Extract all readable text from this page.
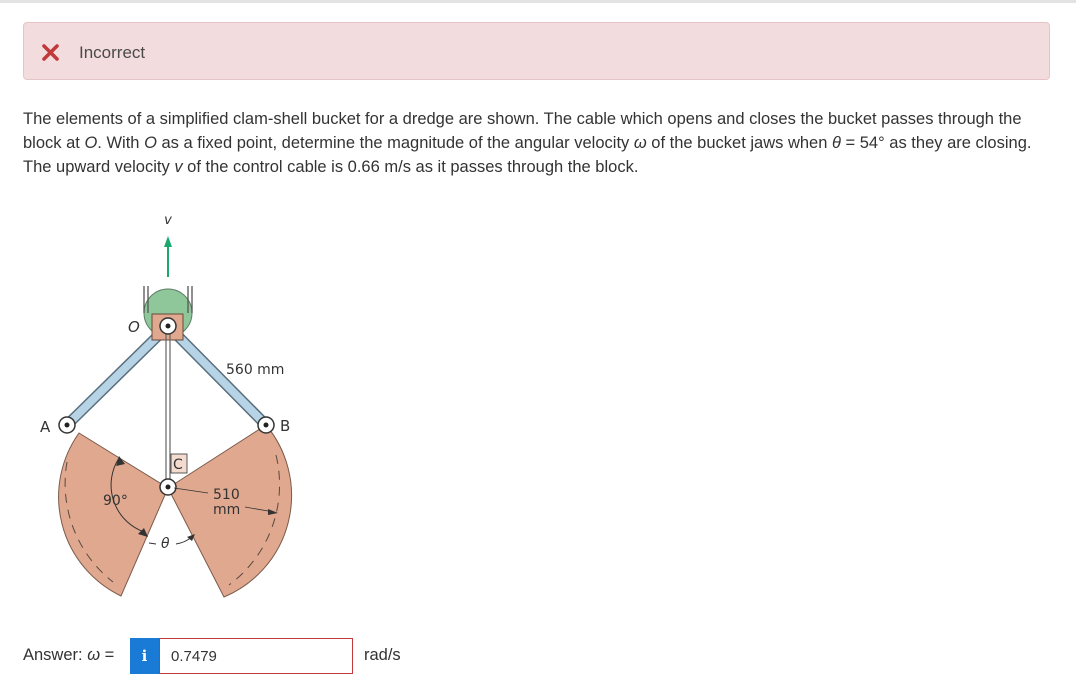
Incorrect

The elements of a simplified clam-shell bucket for a dredge are shown. The cable which opens and closes the bucket passes through the block at O. With O as a fixed point, determine the magnitude of the angular velocity ω of the bucket jaws when θ = 54° as they are closing. The upward velocity v of the control cable is 0.66 m/s as it passes through the block.

v
O
A	B
C
560 mm
510
mm
90°
θ
Answer: ω =	i
0.7479	rad/s
